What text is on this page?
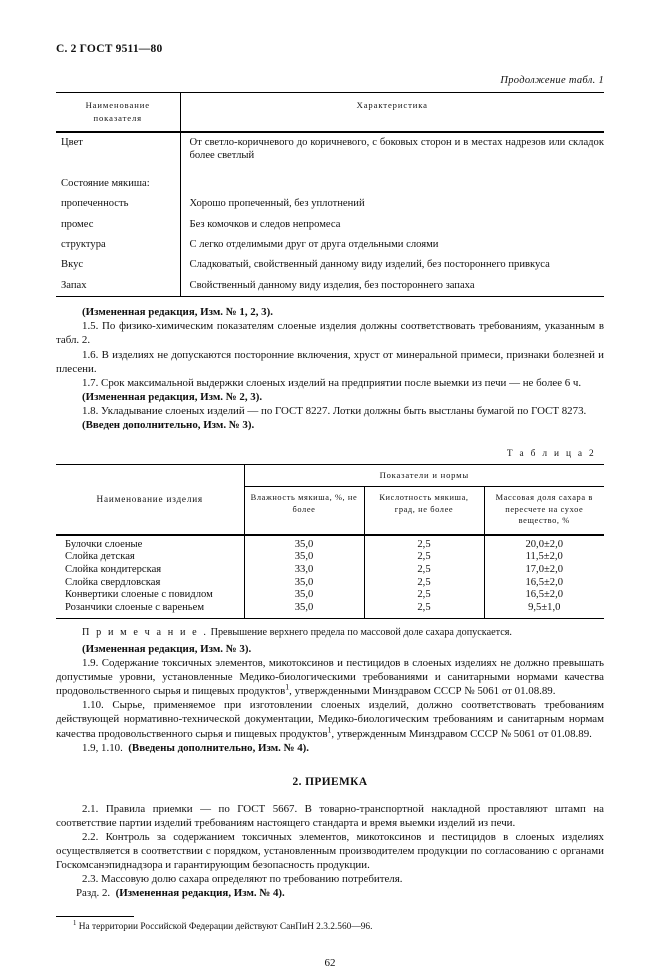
С. 2 ГОСТ 9511—80
Продолжение табл. 1
Наименование
показателя	Характеристика
Цвет	От светло-коричневого до коричневого, с боковых сторон и в местах надрезов или складок более светлый

Состояние мякиша:	
пропеченность	Хорошо пропеченный, без уплотнений
промес	Без комочков и следов непромеса
структура	С легко отделимыми друг от друга отдельными слоями
Вкус	Сладковатый, свойственный данному виду изделий, без постороннего привкуса
Запах	Свойственный данному виду изделия, без постороннего запаха

(Измененная редакция, Изм. № 1, 2, 3).

1.5. По физико-химическим показателям слоеные изделия должны соответствовать требованиям, указанным в табл. 2.

1.6. В изделиях не допускаются посторонние включения, хруст от минеральной примеси, признаки болезней и плесени.

1.7. Срок максимальной выдержки слоеных изделий на предприятии после выемки из печи — не более 6 ч.

(Измененная редакция, Изм. № 2, 3).

1.8. Укладывание слоеных изделий — по ГОСТ 8227. Лотки должны быть выстланы бумагой по ГОСТ 8273.

(Введен дополнительно, Изм. № 3).

Т а б л и ц а 2
Наименование изделия	Показатели и нормы		

Влажность мякиша, %, не
более

Кислотность мякиша,
град, не более

Массовая доля сахара в
пересчете на сухое
вещество, %

Булочки слоеные	35,0	2,5	20,0±2,0
Слойка детская	35,0	2,5	11,5±2,0
Слойка кондитерская	33,0	2,5	17,0±2,0
Слойка свердловская	35,0	2,5	16,5±2,0
Конвертики слоеные с повидлом	35,0	2,5	16,5±2,0
Розанчики слоеные с вареньем	35,0	2,5	9,5±1,0
П р и м е ч а н и е . Превышение верхнего предела по массовой доле сахара допускается.

(Измененная редакция, Изм. № 3).

1.9. Содержание токсичных элементов, микотоксинов и пестицидов в слоеных изделиях не должно превышать допустимые уровни, установленные Медико-биологическими требованиями и санитарными нормами качества продовольственного сырья и пищевых продуктов$^1$, утвержденными Минздравом СССР № 5061 от 01.08.89.

1.10. Сырье, применяемое при изготовлении слоеных изделий, должно соответствовать требованиям действующей нормативно-технической документации, Медико-биологическим требованиям и санитарным нормам качества продовольственного сырья и пищевых продуктов$^1$, утвержденным Минздравом СССР № 5061 от 01.08.89.

1.9, 1.10. (Введены дополнительно, Изм. № 4).

2. ПРИЕМКА

2.1. Правила приемки — по ГОСТ 5667. В товарно-транспортной накладной проставляют штамп на соответствие партии изделий требованиям настоящего стандарта и время выемки изделий из печи.

2.2. Контроль за содержанием токсичных элементов, микотоксинов и пестицидов в слоеных изделиях осуществляется в соответствии с порядком, установленным производителем продукции по согласованию с органами Госкомсанэпиднадзора и гарантирующим безопасность продукции.

2.3. Массовую долю сахара определяют по требованию потребителя.

Разд. 2. (Измененная редакция, Изм. № 4).

$^1$ На территории Российской Федерации действуют СанПиН 2.3.2.560—96.
62
